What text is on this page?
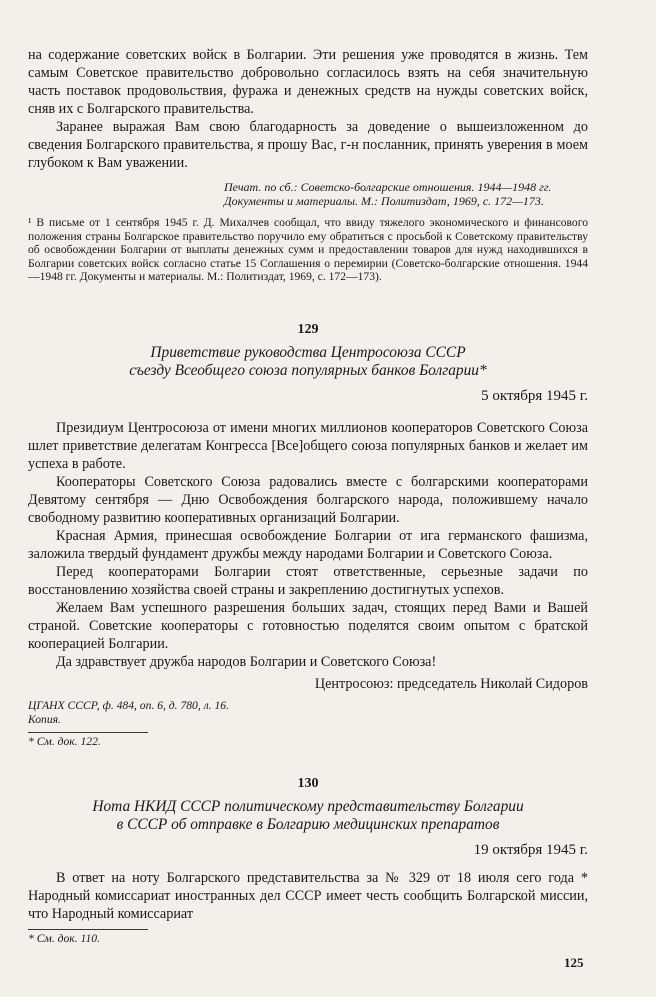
на содержание советских войск в Болгарии. Эти решения уже проводятся в жизнь. Тем самым Советское правительство добровольно согласилось взять на себя значительную часть поставок продовольствия, фуража и денежных средств на нужды советских войск, сняв их с Болгарского правительства.

Заранее выражая Вам свою благодарность за доведение о вышеизложенном до сведения Болгарского правительства, я прошу Вас, г-н посланник, принять уверения в моем глубоком к Вам уважении.

Печат. по сб.: Советско-болгарские отношения. 1944—1948 гг.

Документы и материалы. М.: Политиздат, 1969, с. 172—173.

¹ В письме от 1 сентября 1945 г. Д. Михалчев сообщал, что ввиду тяжелого экономического и финансового положения страны Болгарское правительство поручило ему обратиться с просьбой к Советскому правительству об освобождении Болгарии от выплаты денежных сумм и предоставлении товаров для нужд находившихся в Болгарии советских войск согласно статье 15 Соглашения о перемирии (Советско-болгарские отношения. 1944—1948 гг. Документы и материалы. М.: Политиздат, 1969, с. 172—173).

129

Приветствие руководства Центросоюза СССР

съезду Всеобщего союза популярных банков Болгарии*

5 октября 1945 г.

Президиум Центросоюза от имени многих миллионов кооператоров Советского Союза шлет приветствие делегатам Конгресса [Все]общего союза популярных банков и желает им успеха в работе.

Кооператоры Советского Союза радовались вместе с болгарскими кооператорами Девятому сентября — Дню Освобождения болгарского народа, положившему начало свободному развитию кооперативных организаций Болгарии.

Красная Армия, принесшая освобождение Болгарии от ига германского фашизма, заложила твердый фундамент дружбы между народами Болгарии и Советского Союза.

Перед кооператорами Болгарии стоят ответственные, серьезные задачи по восстановлению хозяйства своей страны и закреплению достигнутых успехов.

Желаем Вам успешного разрешения больших задач, стоящих перед Вами и Вашей страной. Советские кооператоры с готовностью поделятся своим опытом с братской кооперацией Болгарии.

Да здравствует дружба народов Болгарии и Советского Союза!

Центросоюз: председатель Николай Сидоров

ЦГАНХ СССР, ф. 484, оп. 6, д. 780, л. 16.

Копия.

* См. док. 122.

130

Нота НКИД СССР политическому представительству Болгарии

в СССР об отправке в Болгарию медицинских препаратов

19 октября 1945 г.

В ответ на ноту Болгарского представительства за № 329 от 18 июля сего года * Народный комиссариат иностранных дел СССР имеет честь сообщить Болгарской миссии, что Народный комиссариат

* См. док. 110.

125
